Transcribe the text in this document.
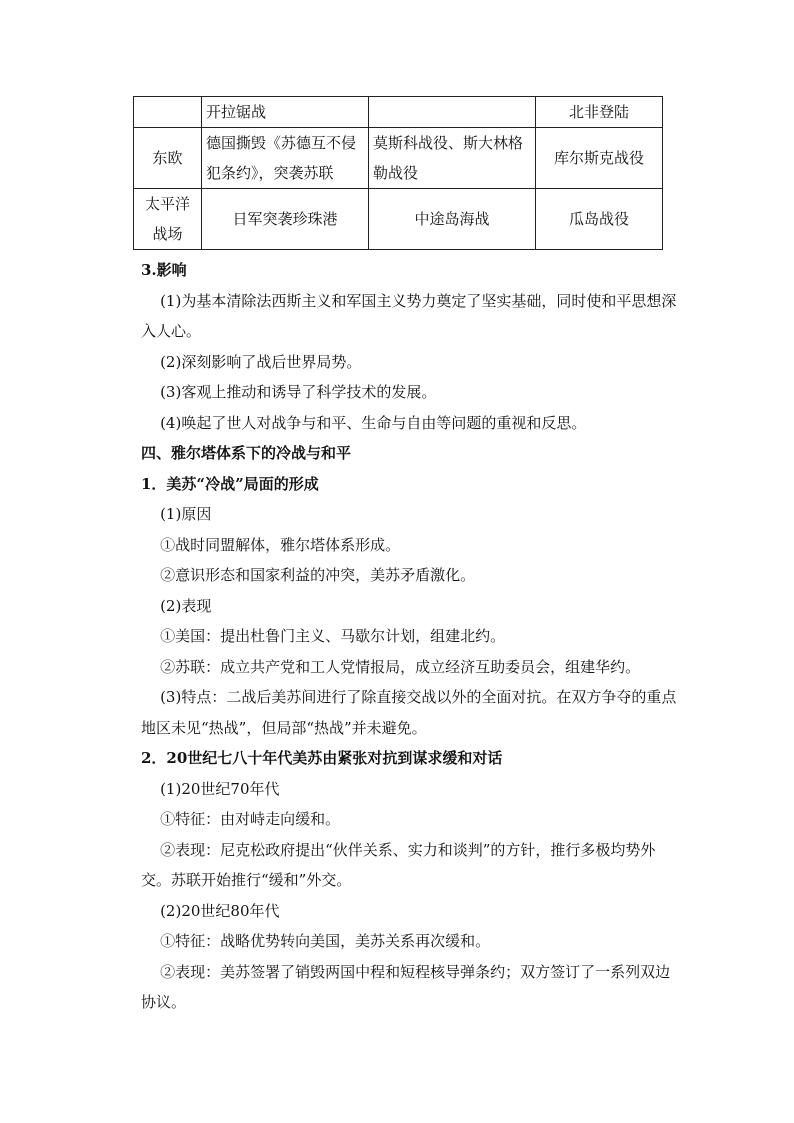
	开拉锯战		北非登陆
东欧	德国撕毁《苏德互不侵犯条约》，突袭苏联	莫斯科战役、斯大林格勒战役	库尔斯克战役
太平洋战场	日军突袭珍珠港	中途岛海战	瓜岛战役

3.影响

(1)为基本清除法西斯主义和军国主义势力奠定了坚实基础，同时使和平思想深入人心。

(2)深刻影响了战后世界局势。

(3)客观上推动和诱导了科学技术的发展。

(4)唤起了世人对战争与和平、生命与自由等问题的重视和反思。

四、雅尔塔体系下的冷战与和平

1．美苏“冷战”局面的形成

(1)原因

①战时同盟解体，雅尔塔体系形成。

②意识形态和国家利益的冲突，美苏矛盾激化。

(2)表现

①美国：提出杜鲁门主义、马歇尔计划，组建北约。

②苏联：成立共产党和工人党情报局，成立经济互助委员会，组建华约。

(3)特点：二战后美苏间进行了除直接交战以外的全面对抗。在双方争夺的重点地区未见“热战”，但局部“热战”并未避免。

2．20世纪七八十年代美苏由紧张对抗到谋求缓和对话

(1)20世纪70年代

①特征：由对峙走向缓和。

②表现：尼克松政府提出“伙伴关系、实力和谈判”的方针，推行多极均势外交。苏联开始推行“缓和”外交。

(2)20世纪80年代

①特征：战略优势转向美国，美苏关系再次缓和。

②表现：美苏签署了销毁两国中程和短程核导弹条约；双方签订了一系列双边协议。
